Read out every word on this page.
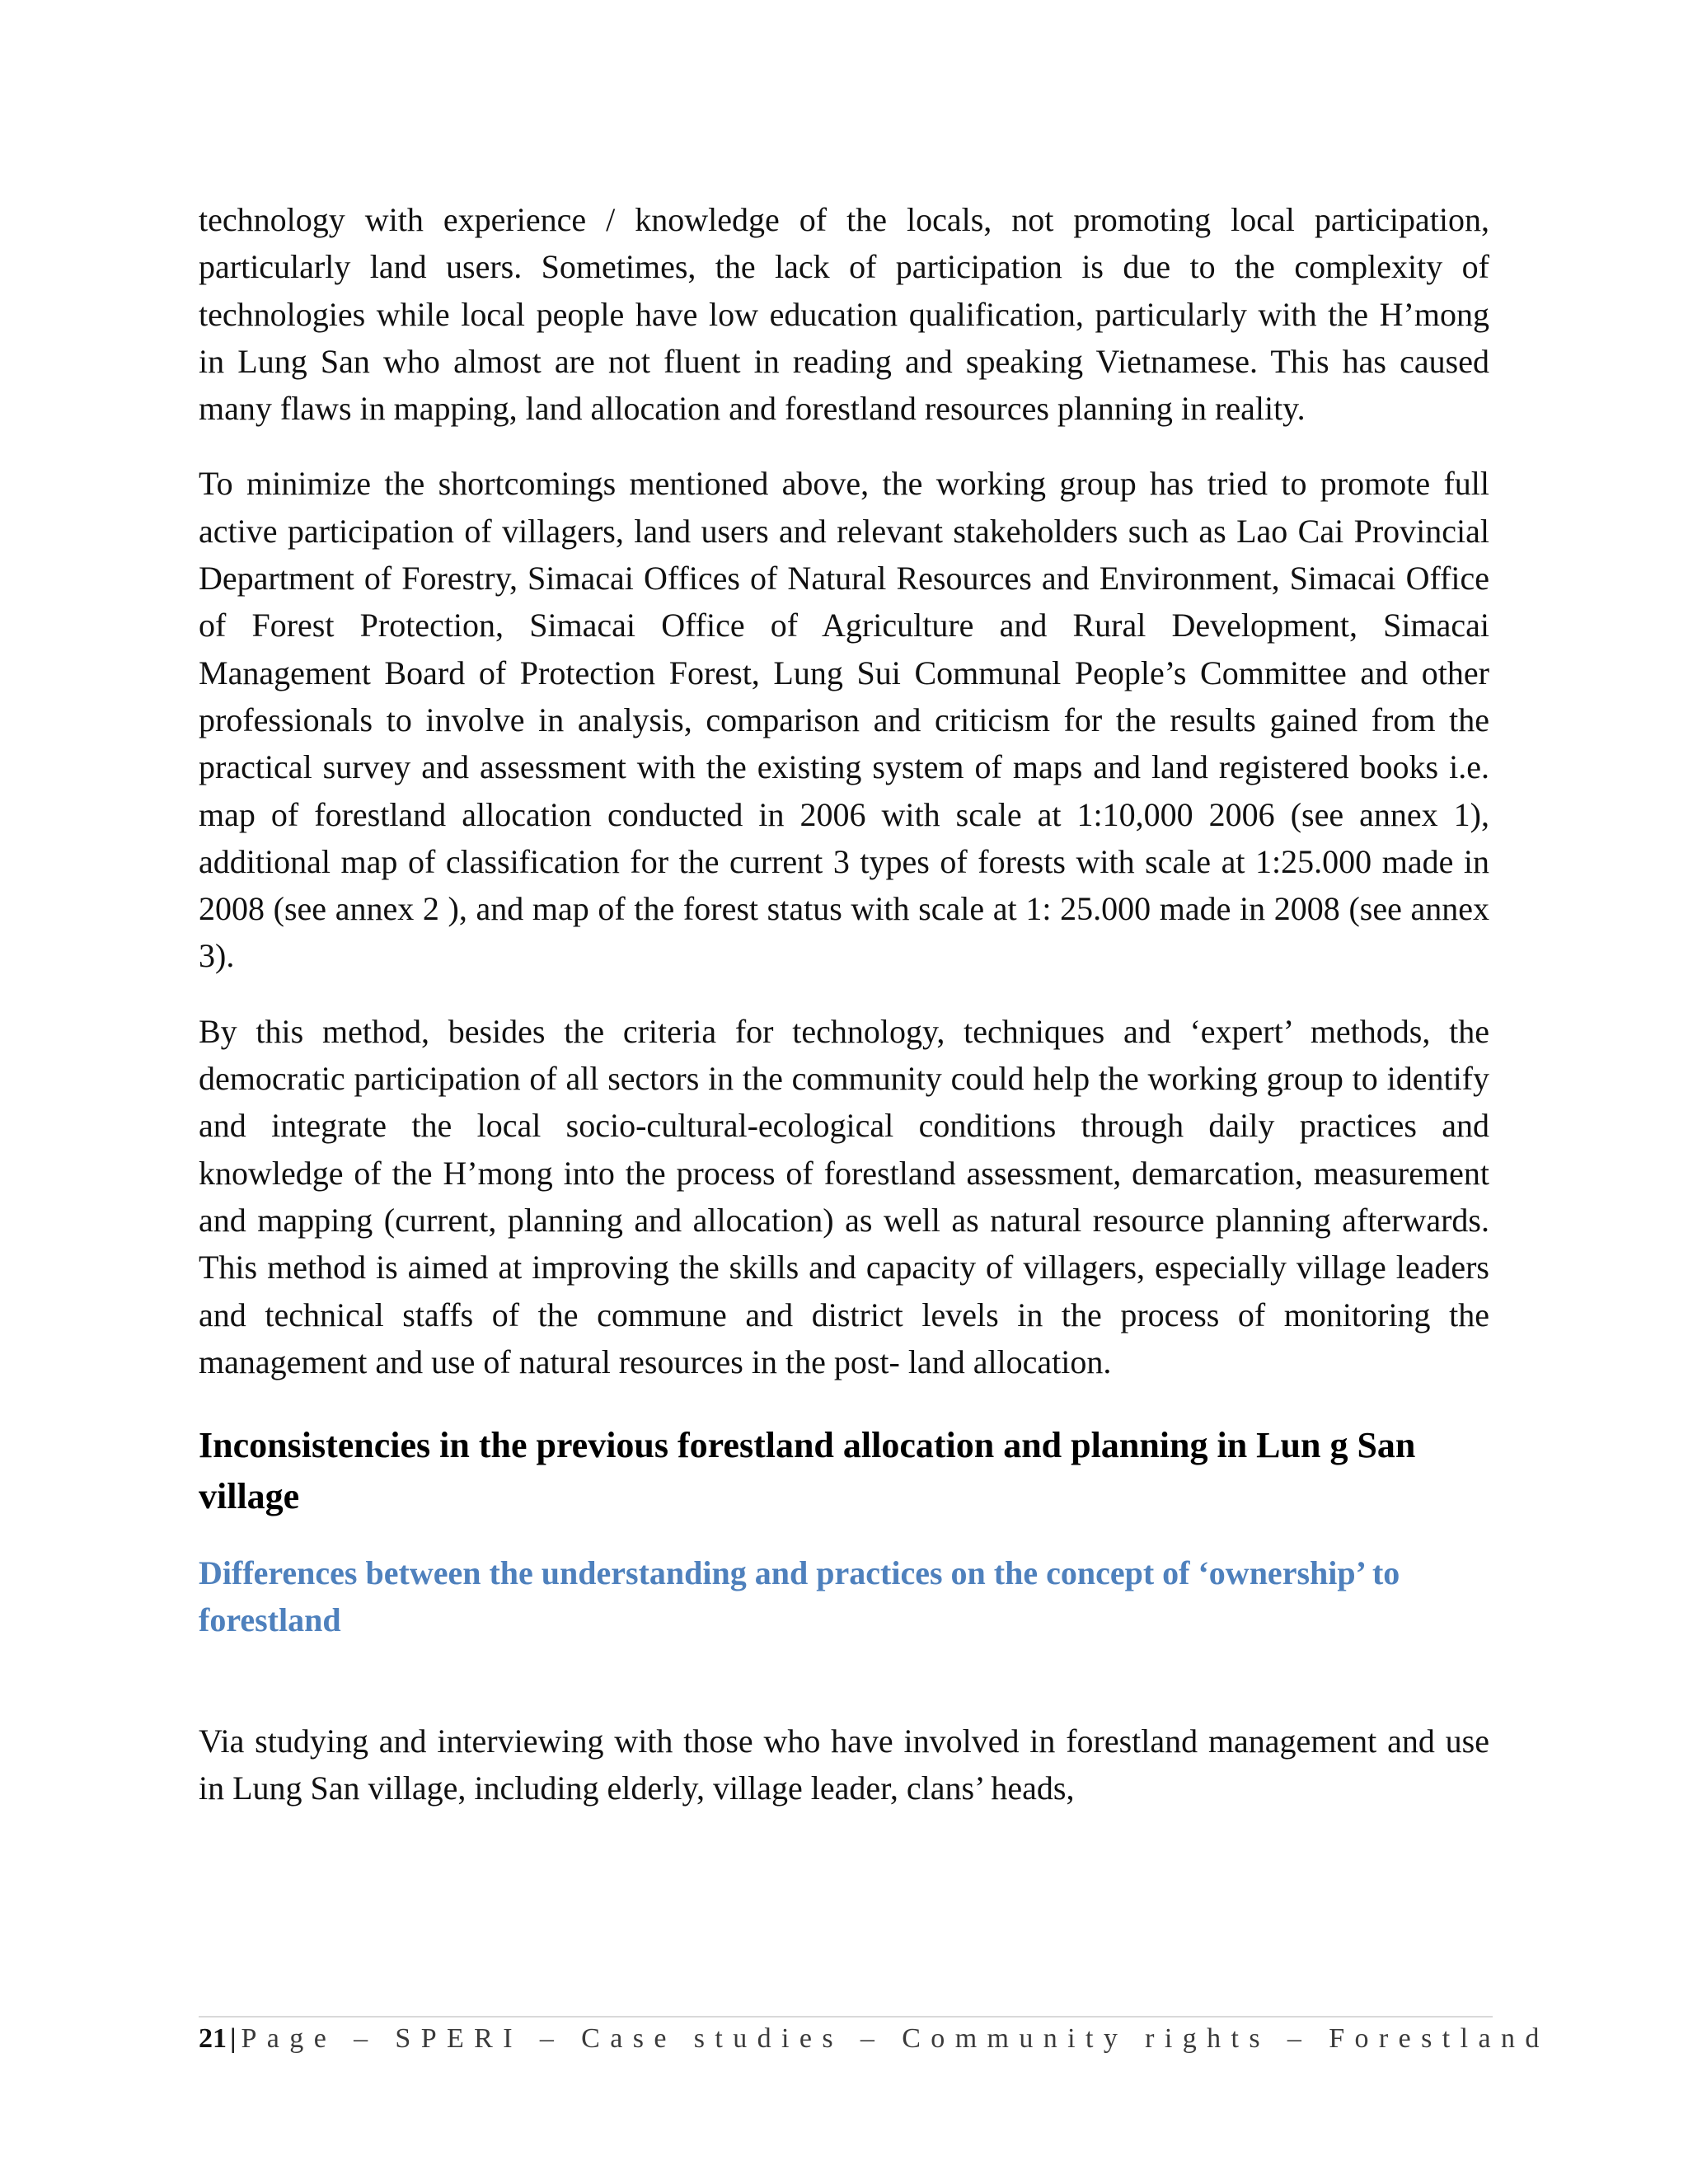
technology with experience / knowledge of the locals, not promoting local participation, particularly land users. Sometimes, the lack of participation is due to the complexity of technologies while local people have low education qualification, particularly with the H’mong in Lung San who almost are not fluent in reading and speaking Vietnamese. This has caused many flaws in mapping, land allocation and forestland resources planning in reality.

To minimize the shortcomings mentioned above, the working group has tried to promote full active participation of villagers, land users and relevant stakeholders such as Lao Cai Provincial Department of Forestry, Simacai Offices of Natural Resources and Environment, Simacai Office of Forest Protection, Simacai Office of Agriculture and Rural Development, Simacai Management Board of Protection Forest, Lung Sui Communal People’s Committee and other professionals to involve in analysis, comparison and criticism for the results gained from the practical survey and assessment with the existing system of maps and land registered books i.e. map of forestland allocation conducted in 2006 with scale at 1:10,000 2006 (see annex 1), additional map of classification for the current 3 types of forests with scale at 1:25.000 made in 2008 (see annex 2 ), and map of the forest status with scale at 1: 25.000 made in 2008 (see annex 3).

By this method, besides the criteria for technology, techniques and ‘expert’ methods, the democratic participation of all sectors in the community could help the working group to identify and integrate the local socio-cultural-ecological conditions through daily practices and knowledge of the H’mong into the process of forestland assessment, demarcation, measurement and mapping (current, planning and allocation) as well as natural resource planning afterwards. This method is aimed at improving the skills and capacity of villagers, especially village leaders and technical staffs of the commune and district levels in the process of monitoring the management and use of natural resources in the post- land allocation.

Inconsistencies in the previous forestland allocation and planning in Lun g San village
Differences between the understanding and practices on the concept of ‘ownership’ to forestland

Via studying and interviewing with those who have involved in forestland management and use in Lung San village, including elderly, village leader, clans’ heads,

21 | Page – SPERI – Case studies – Community rights – Forestland
